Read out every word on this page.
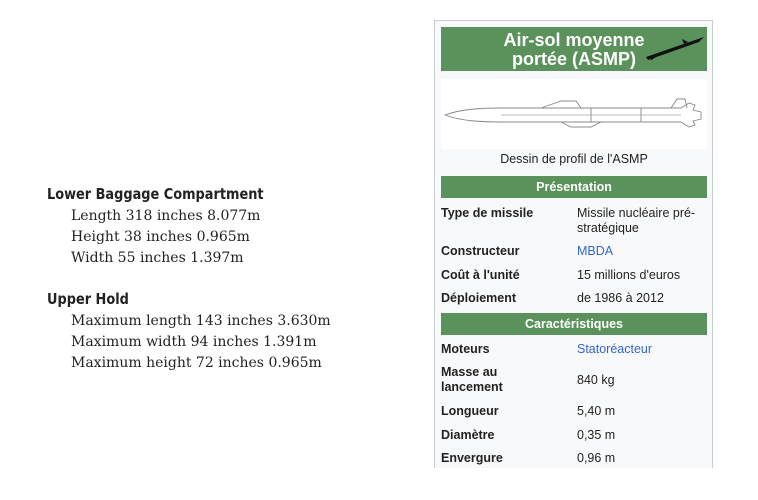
Lower Baggage Compartment
Length 318 inches 8.077m
Height 38 inches 0.965m
Width 55 inches 1.397m
Upper Hold
Maximum length 143 inches 3.630m
Maximum width 94 inches 1.391m
Maximum height 72 inches 0.965m
Air-sol moyenne
portée (ASMP)
Dessin de profil de l'ASMP
Présentation
Type de missile	Missile nucléaire pré-stratégique
Constructeur	MBDA
Coût à l'unité	15 millions d'euros
Déploiement	de 1986 à 2012
Caractéristiques
Moteurs	Statoréacteur
Masse au lancement	840 kg
Longueur	5,40 m
Diamètre	0,35 m
Envergure	0,96 m
